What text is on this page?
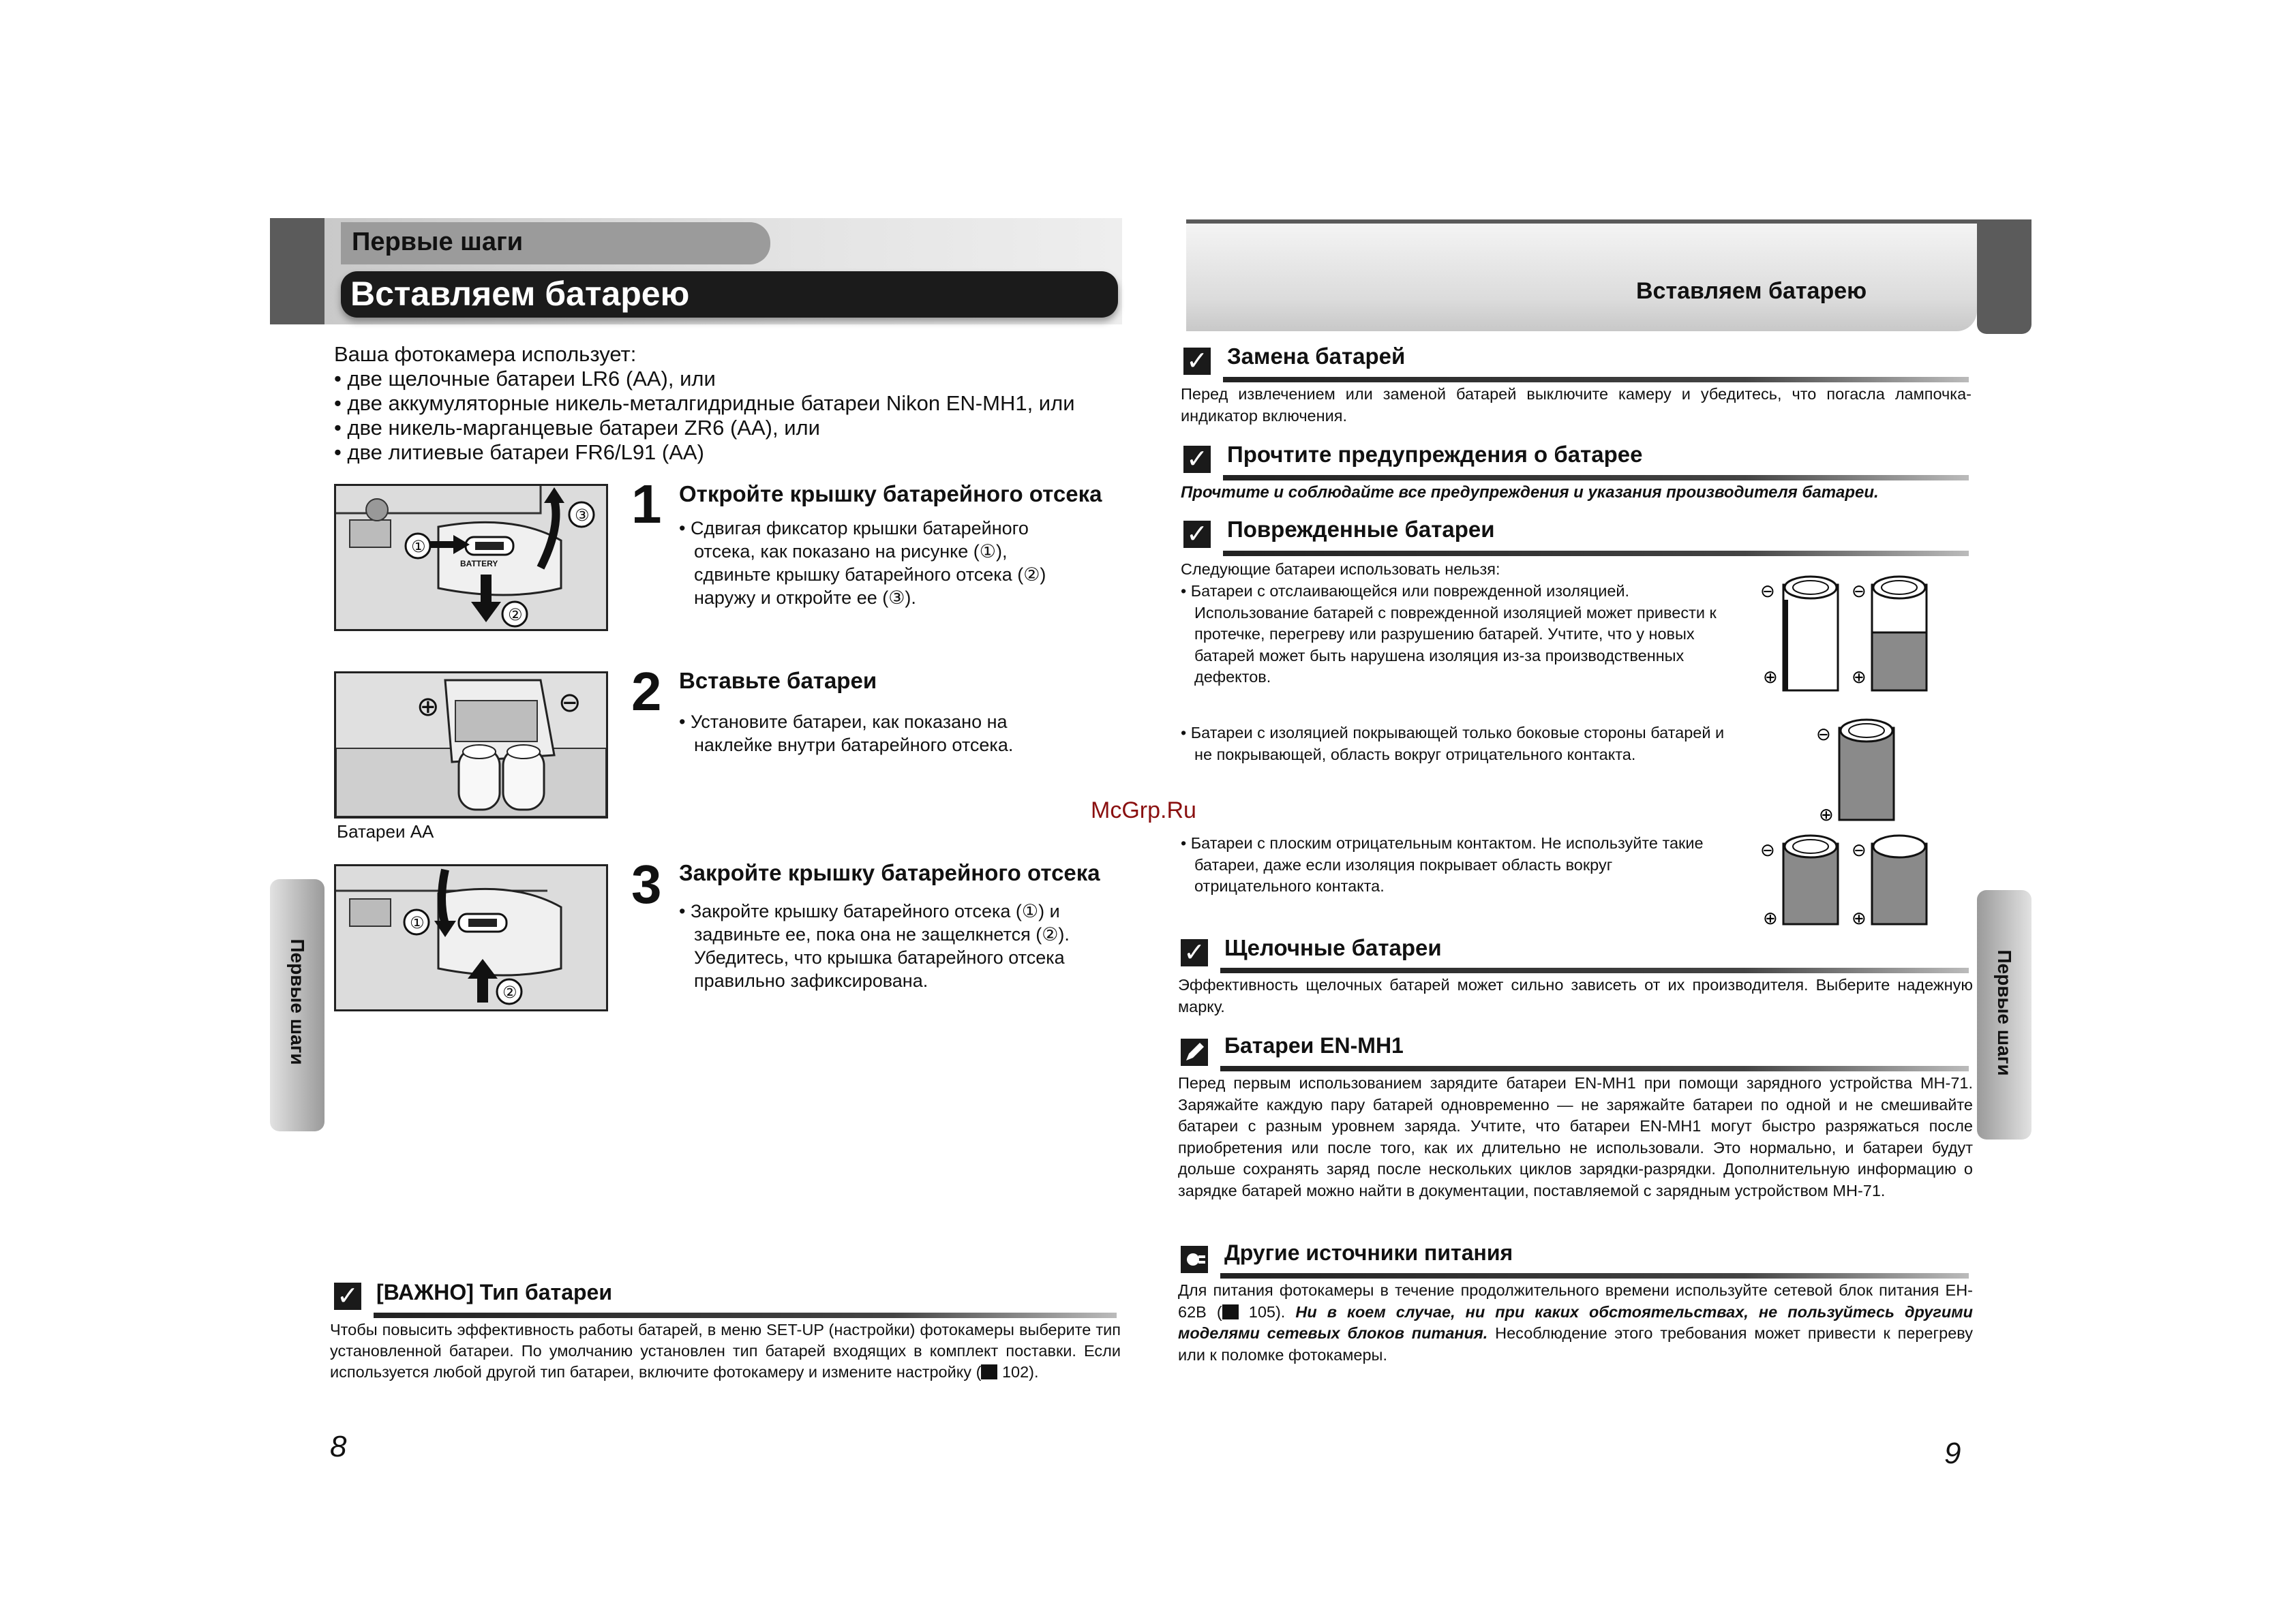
Первые шаги
Вставляем батарею
Ваша фотокамера использует:
• две щелочные батареи LR6 (AA), или
• две аккумуляторные никель-металгидридные батареи Nikon EN-MH1, или
• две никель-марганцевые батареи ZR6 (AA), или
• две литиевые батареи FR6/L91 (AA)
BATTERY
①
②
③ 1 Откройте крышку батарейного отсека
• Сдвигая фиксатор крышки батарейного
отсека, как показано на рисунке (①),
сдвиньте крышку батарейного отсека (②)
наружу и откройте ее (③).
⊕	⊖
Батареи АА
2 Вставьте батареи
• Установите батареи, как показано на
наклейке внутри батарейного отсека.
①
②
3 Закройте крышку батарейного отсека
• Закройте крышку батарейного отсека (①) и
задвиньте ее, пока она не защелкнется (②).
Убедитесь, что крышка батарейного отсека
правильно зафиксирована.
Первые шаги
✓ [ВАЖНО] Тип батареи
Чтобы повысить эффективность работы батарей, в меню SET-UP (настройки) фотокамеры выберите тип установленной батареи. По умолчанию установлен тип батарей входящих в комплект поставки. Если используется любой другой тип батареи, включите фотокамеру и измените настройку ( 102).
8
Вставляем батарею
✓ Замена батарей
Перед извлечением или заменой батарей выключите камеру и убедитесь, что погасла лампочка-индикатор включения.
✓ Прочтите предупреждения о батарее
Прочтите и соблюдайте все предупреждения и указания производителя батареи.
✓ Поврежденные батареи
Следующие батареи использовать нельзя:
• Батареи с отслаивающейся или поврежденной изоляцией. Использование батарей с поврежденной изоляцией может привести к протечке, перегреву или разрушению батарей. Учтите, что у новых батарей может быть нарушена изоляция из-за производственных дефектов.
• Батареи с изоляцией покрывающей только боковые стороны батарей и не покрывающей, область вокруг отрицательного контакта.
• Батареи с плоским отрицательным контактом. Не используйте такие батареи, даже если изоляция покрывает область вокруг отрицательного контакта.
⊖	⊖
⊕	⊕
⊖
⊕
⊖	⊖
⊕	⊕
✓ Щелочные батареи
Эффективность щелочных батарей может сильно зависеть от их производителя. Выберите надежную марку.
Батареи EN-MH1
Перед первым использованием зарядите батареи EN-MH1 при помощи зарядного устройства MH-71. Заряжайте каждую пару батарей одновременно — не заряжайте батареи по одной и не смешивайте батареи с разным уровнем заряда. Учтите, что батареи EN-MH1 могут быстро разряжаться после приобретения или после того, как их длительно не использовали. Это нормально, и батареи будут дольше сохранять заряд после нескольких циклов зарядки-разрядки. Дополнительную информацию о зарядке батарей можно найти в документации, поставляемой с зарядным устройством MH-71.
Другие источники питания
Для питания фотокамеры в течение продолжительного времени используйте сетевой блок питания EH-62B ( 105). Ни в коем случае, ни при каких обстоятельствах, не пользуйтесь другими моделями сетевых блоков питания. Несоблюдение этого требования может привести к перегреву или к поломке фотокамеры.
Первые шаги
9
McGrp.Ru
